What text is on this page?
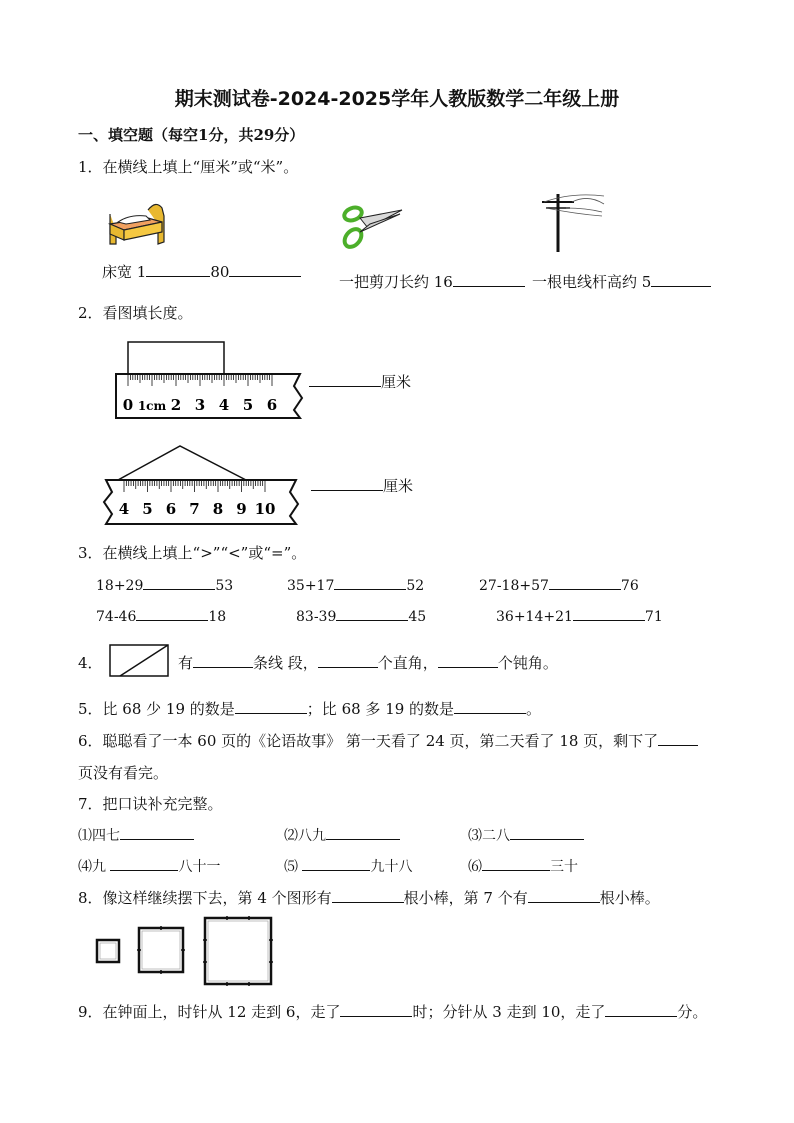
期末测试卷-2024-2025学年人教版数学二年级上册
一、填空题（每空1分，共29分）
1．在横线上填上“厘米”或“米”。
床宽 1	80
一把剪刀长约 16	一根电线杆高约 5
2．看图填长度。
0 1cm 2 3 4 5 6
厘米
4 5 6 7 8 9 10
厘米
3．在横线上填上“>”“<”或“=”。
18+29	53	35+17	52	27-18+57	76
74-46	18	83-39	45	36+14+21	71
4．	有	条线 段，	个直角，	个钝角。
5．比 68 少 19 的数是	；比 68 多 19 的数是	。
6．聪聪看了一本 60 页的《论语故事》 第一天看了 24 页，第二天看了 18 页，剩下了
页没有看完。
7．把口诀补充完整。
⑴四七	⑵八九	⑶二八
⑷九	八十一	⑸	九十八	⑹	三十
8．像这样继续摆下去，第 4 个图形有	根小棒，第 7 个有	根小棒。
9．在钟面上，时针从 12 走到 6，走了	时；分针从 3 走到 10，走了	分。
